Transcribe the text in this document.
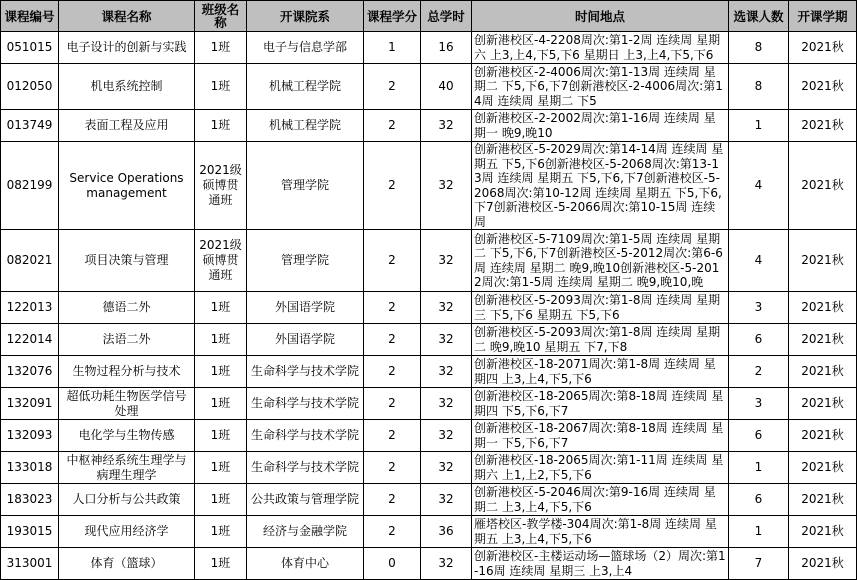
课程编号	课程名称	班级名称	开课院系	课程学分	总学时	时间地点	选课人数	开课学期
051015	电子设计的创新与实践	1班	电子与信息学部	1	16	创新港校区-4-2208周次:第1-2周 连续周 星期六 上3,上4,下5,下6 星期日 上3,上4,下5,下6	8	2021秋
012050	机电系统控制	1班	机械工程学院	2	40	创新港校区-2-4006周次:第1-13周 连续周 星期二 下5,下6,下7创新港校区-2-4006周次:第14周 连续周 星期二 下5	8	2021秋
013749	表面工程及应用	1班	机械工程学院	2	32	创新港校区-2-2002周次:第1-16周 连续周 星期一 晚9,晚10	1	2021秋
082199	Service Operations management	2021级硕博贯通班	管理学院	2	32	创新港校区-5-2029周次:第14-14周 连续周 星期五 下5,下6创新港校区-5-2068周次:第13-13周 连续周 星期五 下5,下6,下7创新港校区-5-2068周次:第10-12周 连续周 星期五 下5,下6,下7创新港校区-5-2066周次:第10-15周 连续周	4	2021秋
082021	项目决策与管理	2021级硕博贯通班	管理学院	2	32	创新港校区-5-7109周次:第1-5周 连续周 星期二 下5,下6,下7创新港校区-5-2012周次:第6-6周 连续周 星期二 晚9,晚10创新港校区-5-2012周次:第1-5周 连续周 星期二 晚9,晚10,晚	4	2021秋
122013	德语二外	1班	外国语学院	2	32	创新港校区-5-2093周次:第1-8周 连续周 星期三 下5,下6 星期五 下5,下6	3	2021秋
122014	法语二外	1班	外国语学院	2	32	创新港校区-5-2093周次:第1-8周 连续周 星期二 晚9,晚10 星期五 下7,下8	6	2021秋
132076	生物过程分析与技术	1班	生命科学与技术学院	2	32	创新港校区-18-2071周次:第1-8周 连续周 星期四 上3,上4,下5,下6	2	2021秋
132091	超低功耗生物医学信号处理	1班	生命科学与技术学院	2	32	创新港校区-18-2065周次:第8-18周 连续周 星期四 下5,下6,下7	3	2021秋
132093	电化学与生物传感	1班	生命科学与技术学院	2	32	创新港校区-18-2067周次:第8-18周 连续周 星期一 下5,下6,下7	6	2021秋
133018	中枢神经系统生理学与病理生理学	1班	生命科学与技术学院	2	32	创新港校区-18-2065周次:第1-11周 连续周 星期六 上1,上2,下5,下6	1	2021秋
183023	人口分析与公共政策	1班	公共政策与管理学院	2	32	创新港校区-5-2046周次:第9-16周 连续周 星期二 上3,上4,下5,下6	6	2021秋
193015	现代应用经济学	1班	经济与金融学院	2	36	雁塔校区-教学楼-304周次:第1-8周 连续周 星期五 上3,上4,下5,下6	1	2021秋
313001	体育（篮球）	1班	体育中心	0	32	创新港校区-主楼运动场—篮球场（2）周次:第1-16周 连续周 星期三 上3,上4	7	2021秋
